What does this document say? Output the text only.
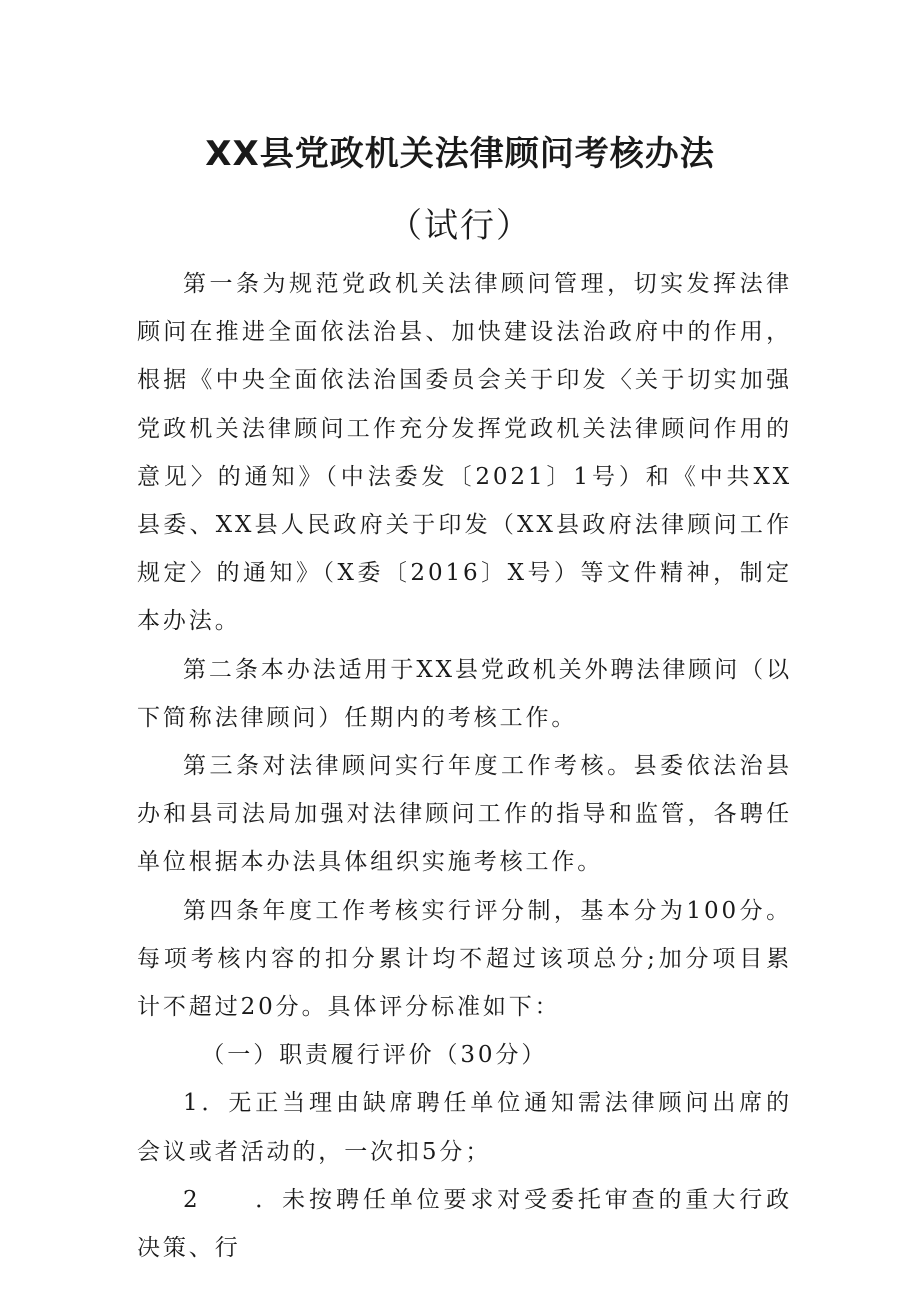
XX县党政机关法律顾问考核办法
（试行）

第一条为规范党政机关法律顾问管理，切实发挥法律顾问在推进全面依法治县、加快建设法治政府中的作用，根据《中央全面依法治国委员会关于印发〈关于切实加强党政机关法律顾问工作充分发挥党政机关法律顾问作用的意见〉的通知》（中法委发〔2021〕1号）和《中共XX县委、XX县人民政府关于印发（XX县政府法律顾问工作规定〉的通知》（X委〔2016〕X号）等文件精神，制定本办法。

第二条本办法适用于XX县党政机关外聘法律顾问（以下简称法律顾问）任期内的考核工作。

第三条对法律顾问实行年度工作考核。县委依法治县办和县司法局加强对法律顾问工作的指导和监管，各聘任单位根据本办法具体组织实施考核工作。

第四条年度工作考核实行评分制，基本分为100分。每项考核内容的扣分累计均不超过该项总分;加分项目累计不超过20分。具体评分标准如下：

（一）职责履行评价（30分）

1．无正当理由缺席聘任单位通知需法律顾问出席的会议或者活动的，一次扣5分；

2　　．未按聘任单位要求对受委托审查的重大行政决策、行
